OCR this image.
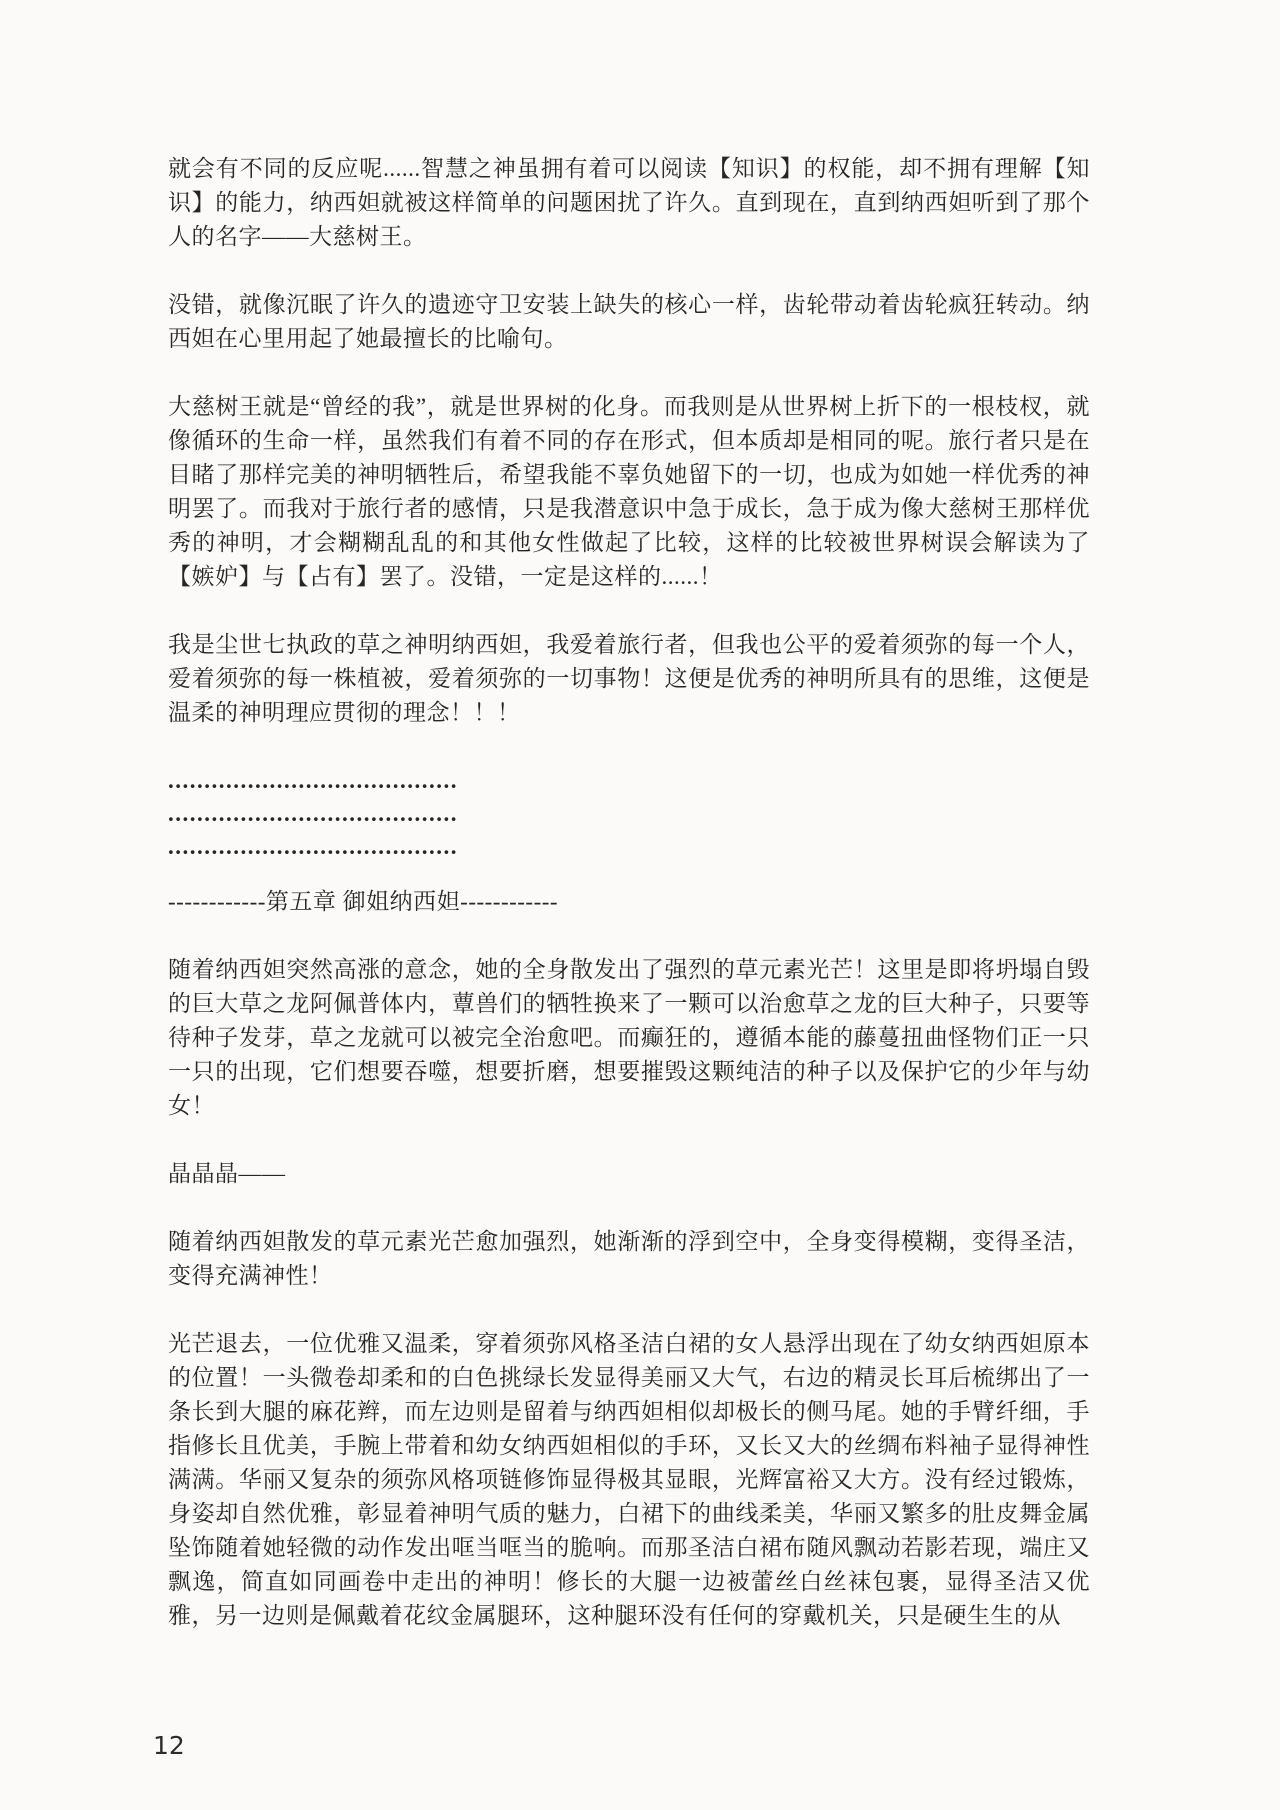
就会有不同的反应呢......智慧之神虽拥有着可以阅读【知识】的权能，却不拥有理解【知识】的能力，纳西妲就被这样简单的问题困扰了许久。直到现在，直到纳西妲听到了那个人的名字——大慈树王。

没错，就像沉眠了许久的遗迹守卫安装上缺失的核心一样，齿轮带动着齿轮疯狂转动。纳西妲在心里用起了她最擅长的比喻句。

大慈树王就是“曾经的我”，就是世界树的化身。而我则是从世界树上折下的一根枝杈，就像循环的生命一样，虽然我们有着不同的存在形式，但本质却是相同的呢。旅行者只是在目睹了那样完美的神明牺牲后，希望我能不辜负她留下的一切，也成为如她一样优秀的神明罢了。而我对于旅行者的感情，只是我潜意识中急于成长，急于成为像大慈树王那样优秀的神明，才会糊糊乱乱的和其他女性做起了比较，这样的比较被世界树误会解读为了【嫉妒】与【占有】罢了。没错，一定是这样的......！

我是尘世七执政的草之神明纳西妲，我爱着旅行者，但我也公平的爱着须弥的每一个人，爱着须弥的每一株植被，爱着须弥的一切事物！这便是优秀的神明所具有的思维，这便是温柔的神明理应贯彻的理念！！！

........................................

........................................

........................................

------------第五章 御姐纳西妲------------

随着纳西妲突然高涨的意念，她的全身散发出了强烈的草元素光芒！这里是即将坍塌自毁的巨大草之龙阿佩普体内，蕈兽们的牺牲换来了一颗可以治愈草之龙的巨大种子，只要等待种子发芽，草之龙就可以被完全治愈吧。而癫狂的，遵循本能的藤蔓扭曲怪物们正一只一只的出现，它们想要吞噬，想要折磨，想要摧毁这颗纯洁的种子以及保护它的少年与幼女！

晶晶晶——

随着纳西妲散发的草元素光芒愈加强烈，她渐渐的浮到空中，全身变得模糊，变得圣洁，变得充满神性！

光芒退去，一位优雅又温柔，穿着须弥风格圣洁白裙的女人悬浮出现在了幼女纳西妲原本的位置！一头微卷却柔和的白色挑绿长发显得美丽又大气，右边的精灵长耳后梳绑出了一条长到大腿的麻花辫，而左边则是留着与纳西妲相似却极长的侧马尾。她的手臂纤细，手指修长且优美，手腕上带着和幼女纳西妲相似的手环，又长又大的丝绸布料袖子显得神性满满。华丽又复杂的须弥风格项链修饰显得极其显眼，光辉富裕又大方。没有经过锻炼，身姿却自然优雅，彰显着神明气质的魅力，白裙下的曲线柔美，华丽又繁多的肚皮舞金属坠饰随着她轻微的动作发出哐当哐当的脆响。而那圣洁白裙布随风飘动若影若现，端庄又飘逸，简直如同画卷中走出的神明！修长的大腿一边被蕾丝白丝袜包裹，显得圣洁又优雅，另一边则是佩戴着花纹金属腿环，这种腿环没有任何的穿戴机关，只是硬生生的从

12
